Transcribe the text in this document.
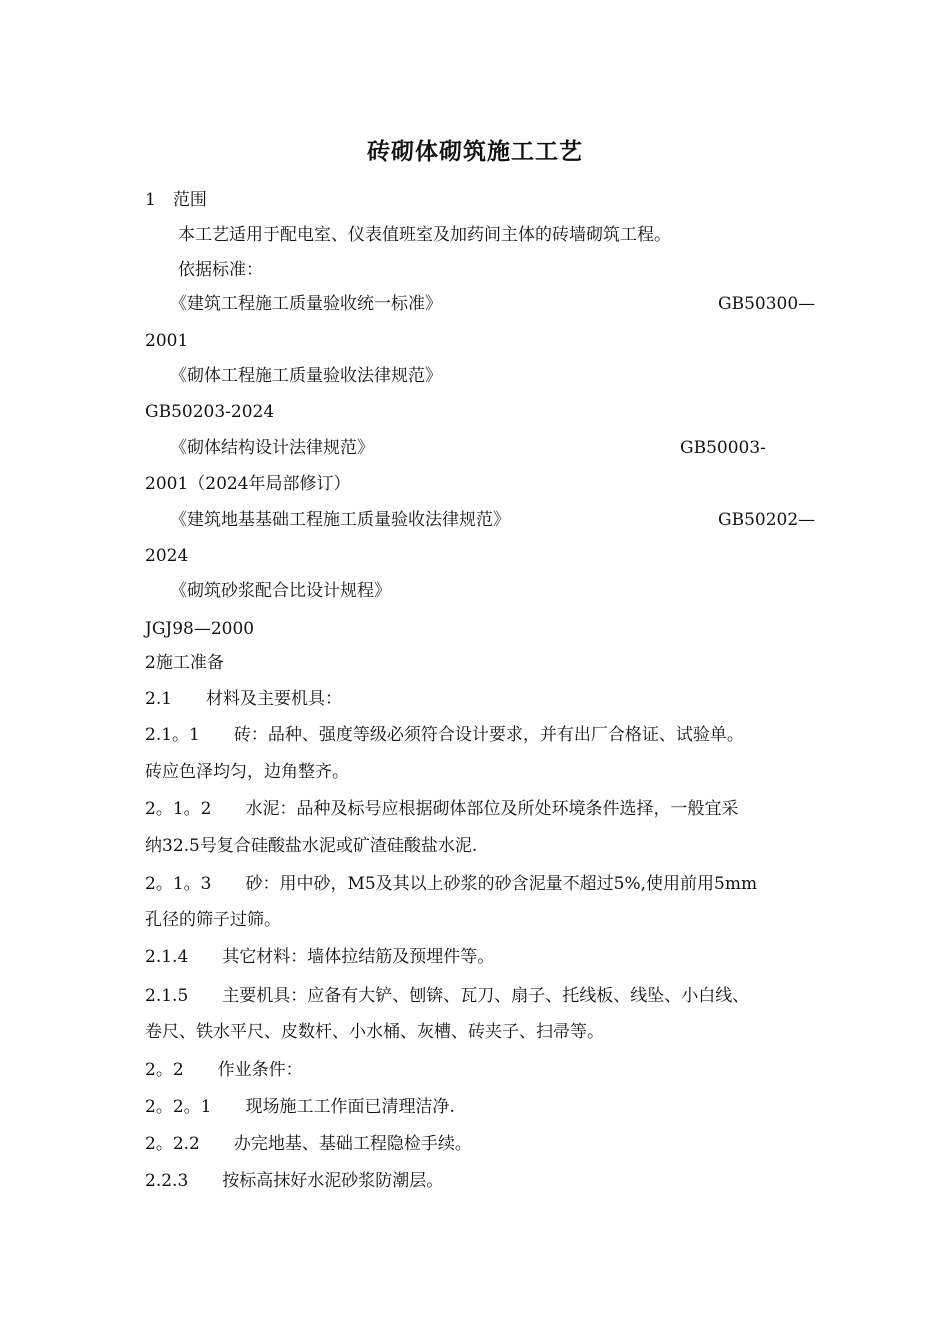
砖砌体砌筑施工工艺
1　范围
本工艺适用于配电室、仪表值班室及加药间主体的砖墙砌筑工程。
依据标准：
《建筑工程施工质量验收统一标准》	GB50300—
2001
《砌体工程施工质量验收法律规范》
GB50203-2024
《砌体结构设计法律规范》	GB50003-
2001（2024年局部修订）
《建筑地基基础工程施工质量验收法律规范》	GB50202—
2024
《砌筑砂浆配合比设计规程》
JGJ98—2000
2施工准备
2.1　　材料及主要机具：
2.1。1　　砖：品种、强度等级必须符合设计要求，并有出厂合格证、试验单。
砖应色泽均匀，边角整齐。
2。1。2　　水泥：品种及标号应根据砌体部位及所处环境条件选择，一般宜采
纳32.5号复合硅酸盐水泥或矿渣硅酸盐水泥.
2。1。3　　砂：用中砂，M5及其以上砂浆的砂含泥量不超过5%,使用前用5mm
孔径的筛子过筛。
2.1.4　　其它材料：墙体拉结筋及预埋件等。
2.1.5　　主要机具：应备有大铲、刨锛、瓦刀、扇子、托线板、线坠、小白线、
卷尺、铁水平尺、皮数杆、小水桶、灰槽、砖夹子、扫帚等。
2。2　　作业条件：
2。2。1　　现场施工工作面已清理洁净.
2。2.2　　办完地基、基础工程隐检手续。
2.2.3　　按标高抹好水泥砂浆防潮层。
